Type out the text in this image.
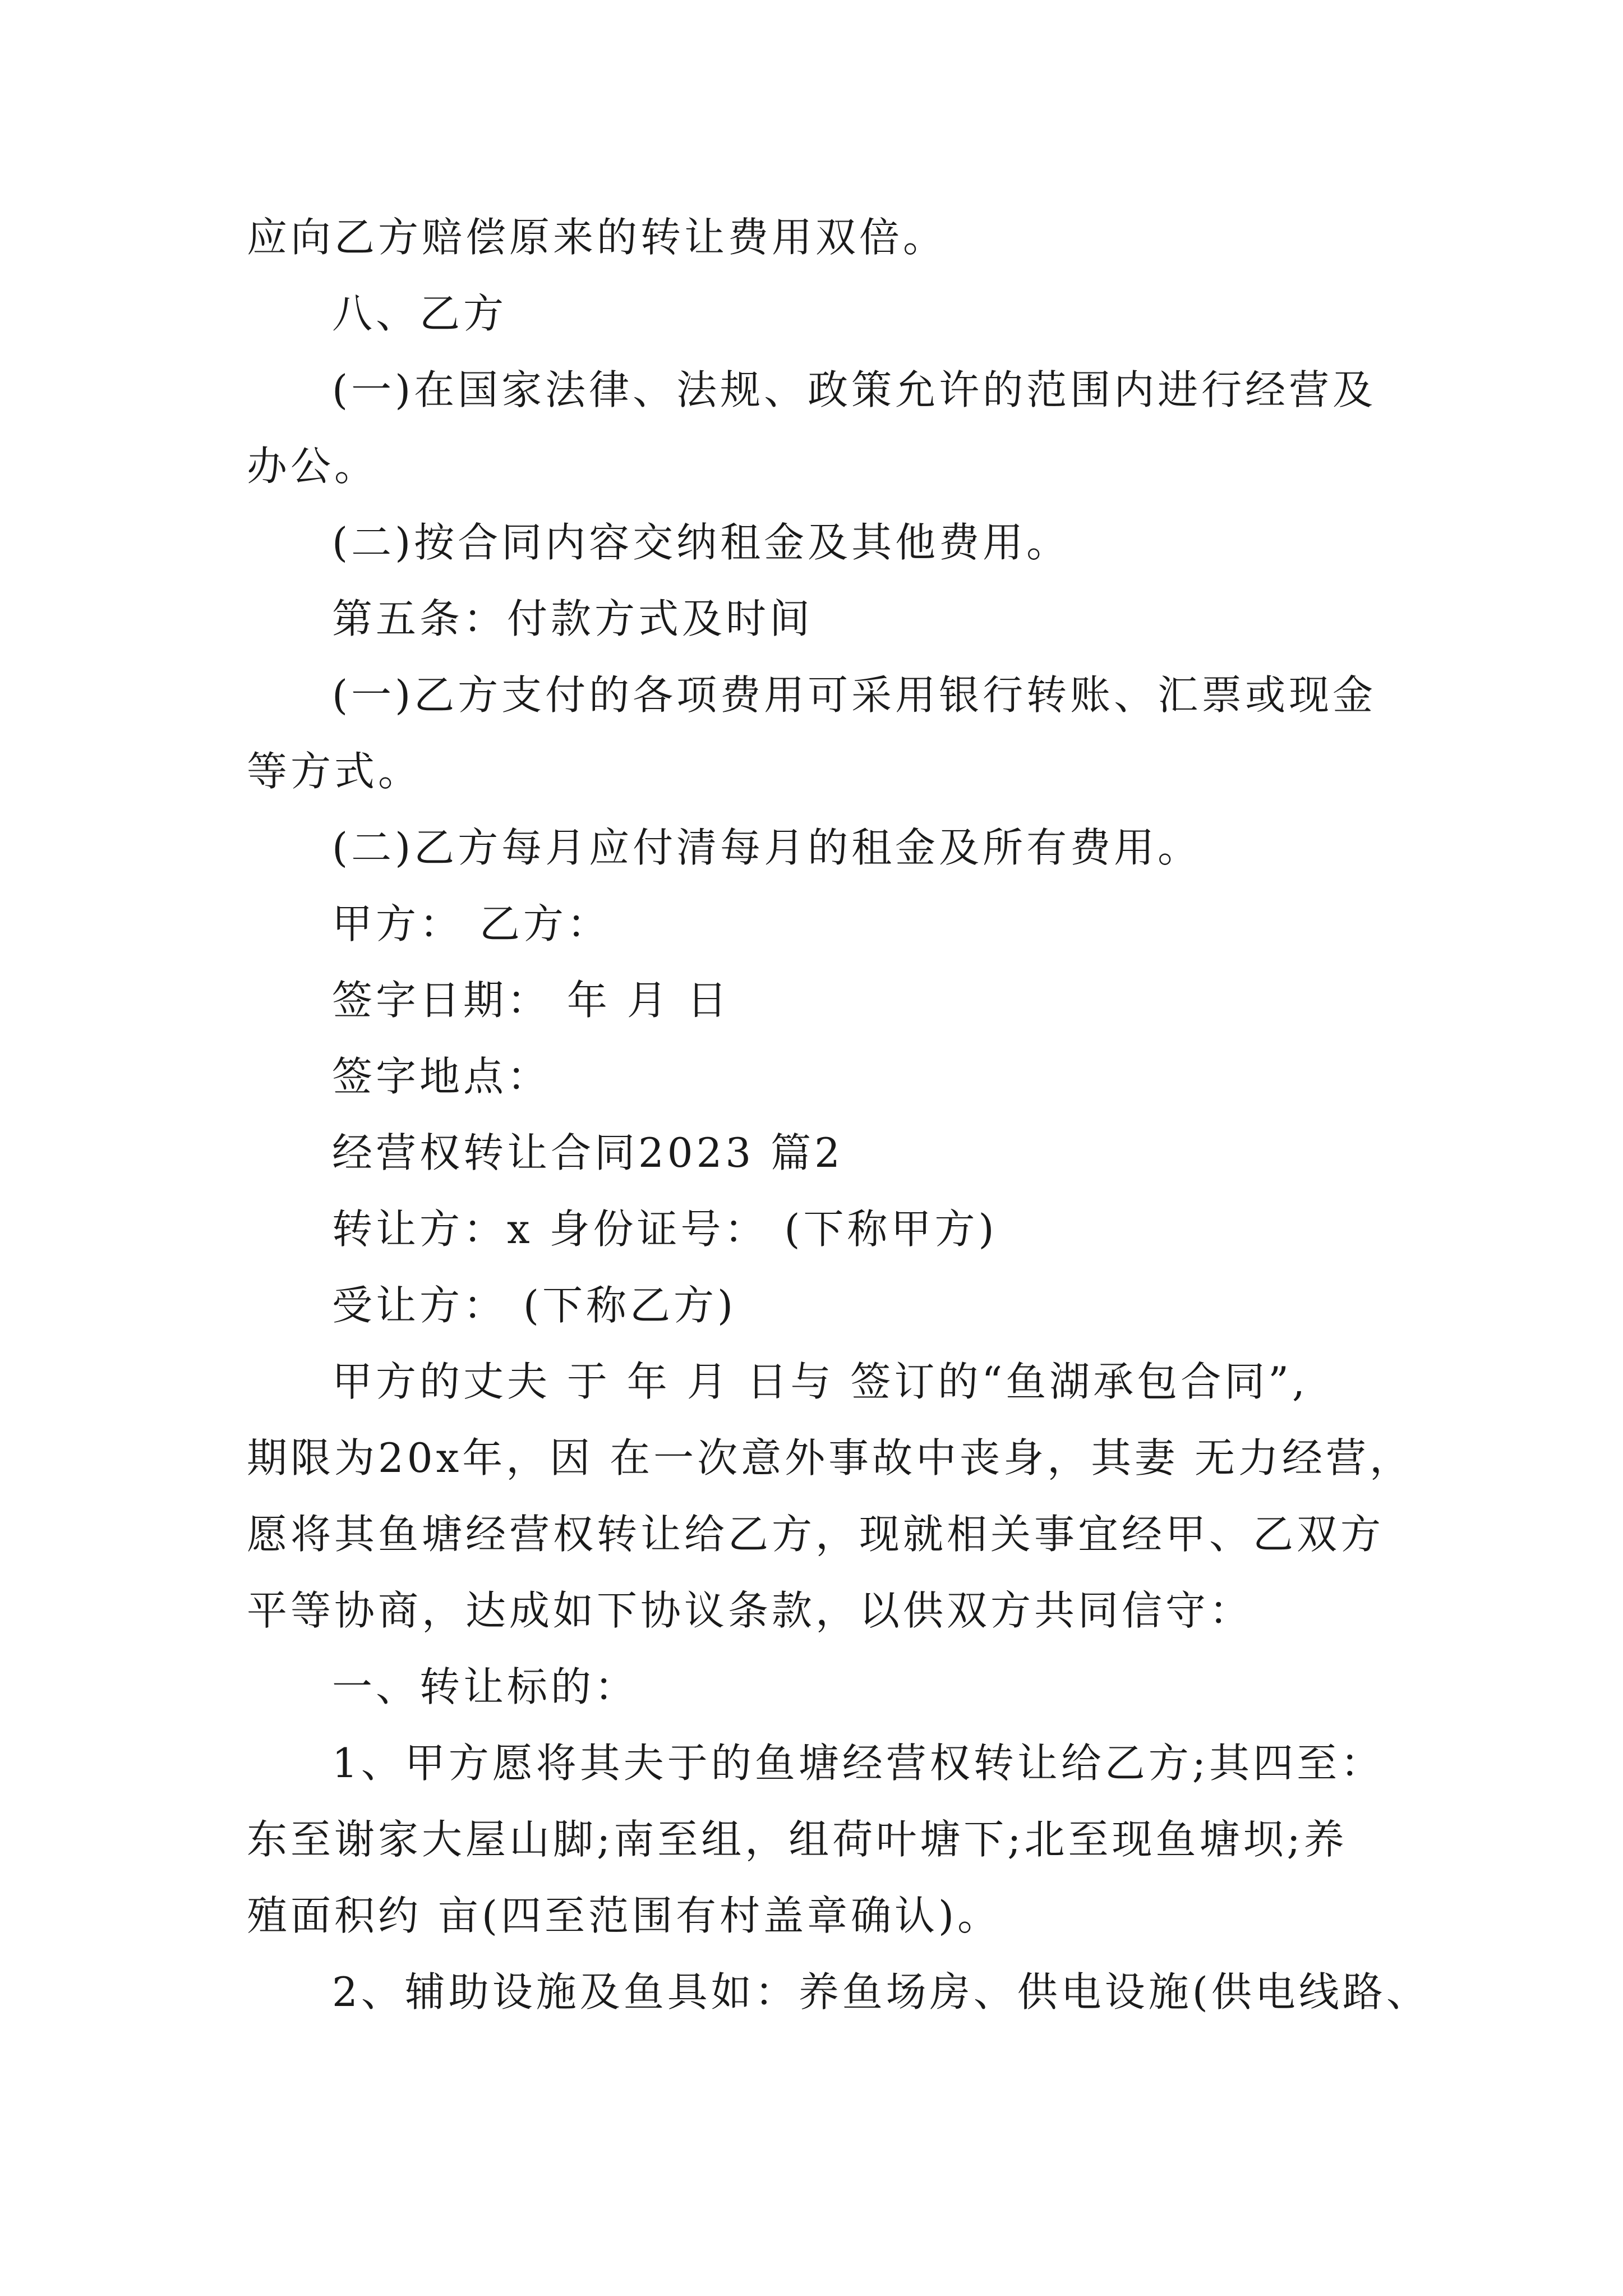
应向乙方赔偿原来的转让费用双倍。

八、乙方

(一)在国家法律、法规、政策允许的范围内进行经营及

办公。

(二)按合同内容交纳租金及其他费用。

第五条：付款方式及时间

(一)乙方支付的各项费用可采用银行转账、汇票或现金

等方式。

(二)乙方每月应付清每月的租金及所有费用。

甲方： 乙方：

签字日期： 年 月 日

签字地点：

经营权转让合同2023 篇2

转让方：x 身份证号： (下称甲方)

受让方： (下称乙方)

甲方的丈夫 于 年 月 日与 签订的“鱼湖承包合同”,

期限为20x年，因 在一次意外事故中丧身，其妻 无力经营，

愿将其鱼塘经营权转让给乙方，现就相关事宜经甲、乙双方

平等协商，达成如下协议条款，以供双方共同信守：

一、转让标的：

1、甲方愿将其夫于的鱼塘经营权转让给乙方;其四至：

东至谢家大屋山脚;南至组，组荷叶塘下;北至现鱼塘坝;养

殖面积约 亩(四至范围有村盖章确认)。

2、辅助设施及鱼具如：养鱼场房、供电设施(供电线路、
